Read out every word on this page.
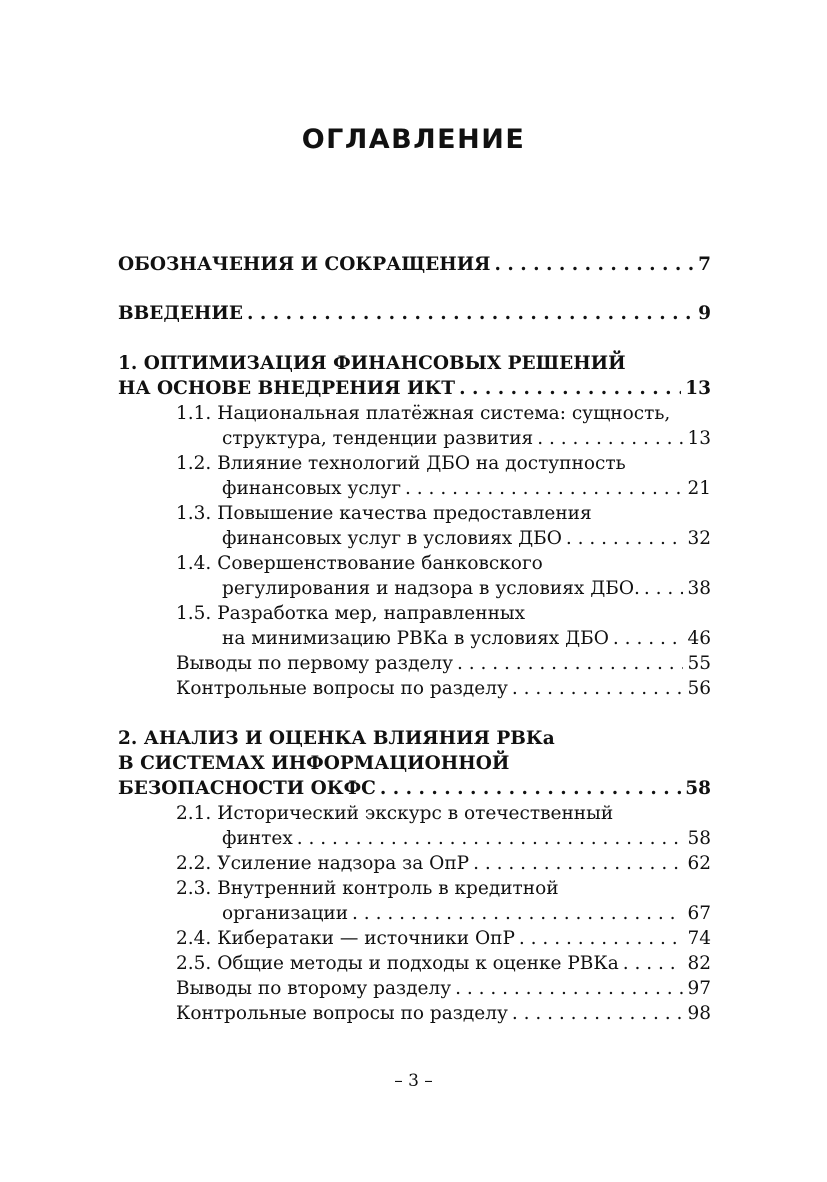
ОГЛАВЛЕНИЕ
ОБОЗНАЧЕНИЯ И СОКРАЩЕНИЯ . . .	7
ВВЕДЕНИЕ . . .	9
1. ОПТИМИЗАЦИЯ ФИНАНСОВЫХ РЕШЕНИЙ
НА ОСНОВЕ ВНЕДРЕНИЯ ИКТ . . .	13
1.1.
Национальная платёжная система: сущность,
структура, тенденции развития . . .	13
1.2.
Влияние технологий ДБО на доступность
финансовых услуг . . .	21
1.3.
Повышение качества предоставления
финансовых услуг в условиях ДБО . . .	32
1.4.
Совершенствование банковского
регулирования и надзора в условиях ДБО. . . .	38
1.5.
Разработка мер, направленных
на минимизацию РВКа в условиях ДБО . . .	46
Выводы по первому разделу . . .	55
Контрольные вопросы по разделу . . .	56
2. АНАЛИЗ И ОЦЕНКА ВЛИЯНИЯ РВКа
В СИСТЕМАХ ИНФОРМАЦИОННОЙ
БЕЗОПАСНОСТИ ОКФС . . .	58
2.1.
Исторический экскурс в отечественный
финтех . . .	58
2.2.
Усиление надзора за ОпР . . .	62
2.3.
Внутренний контроль в кредитной
организации . . .	67
2.4.
Кибератаки — источники ОпР . . .	74
2.5.
Общие методы и подходы к оценке РВКа . . .	82
Выводы по второму разделу . . .	97
Контрольные вопросы по разделу . . .	98
– 3 –
